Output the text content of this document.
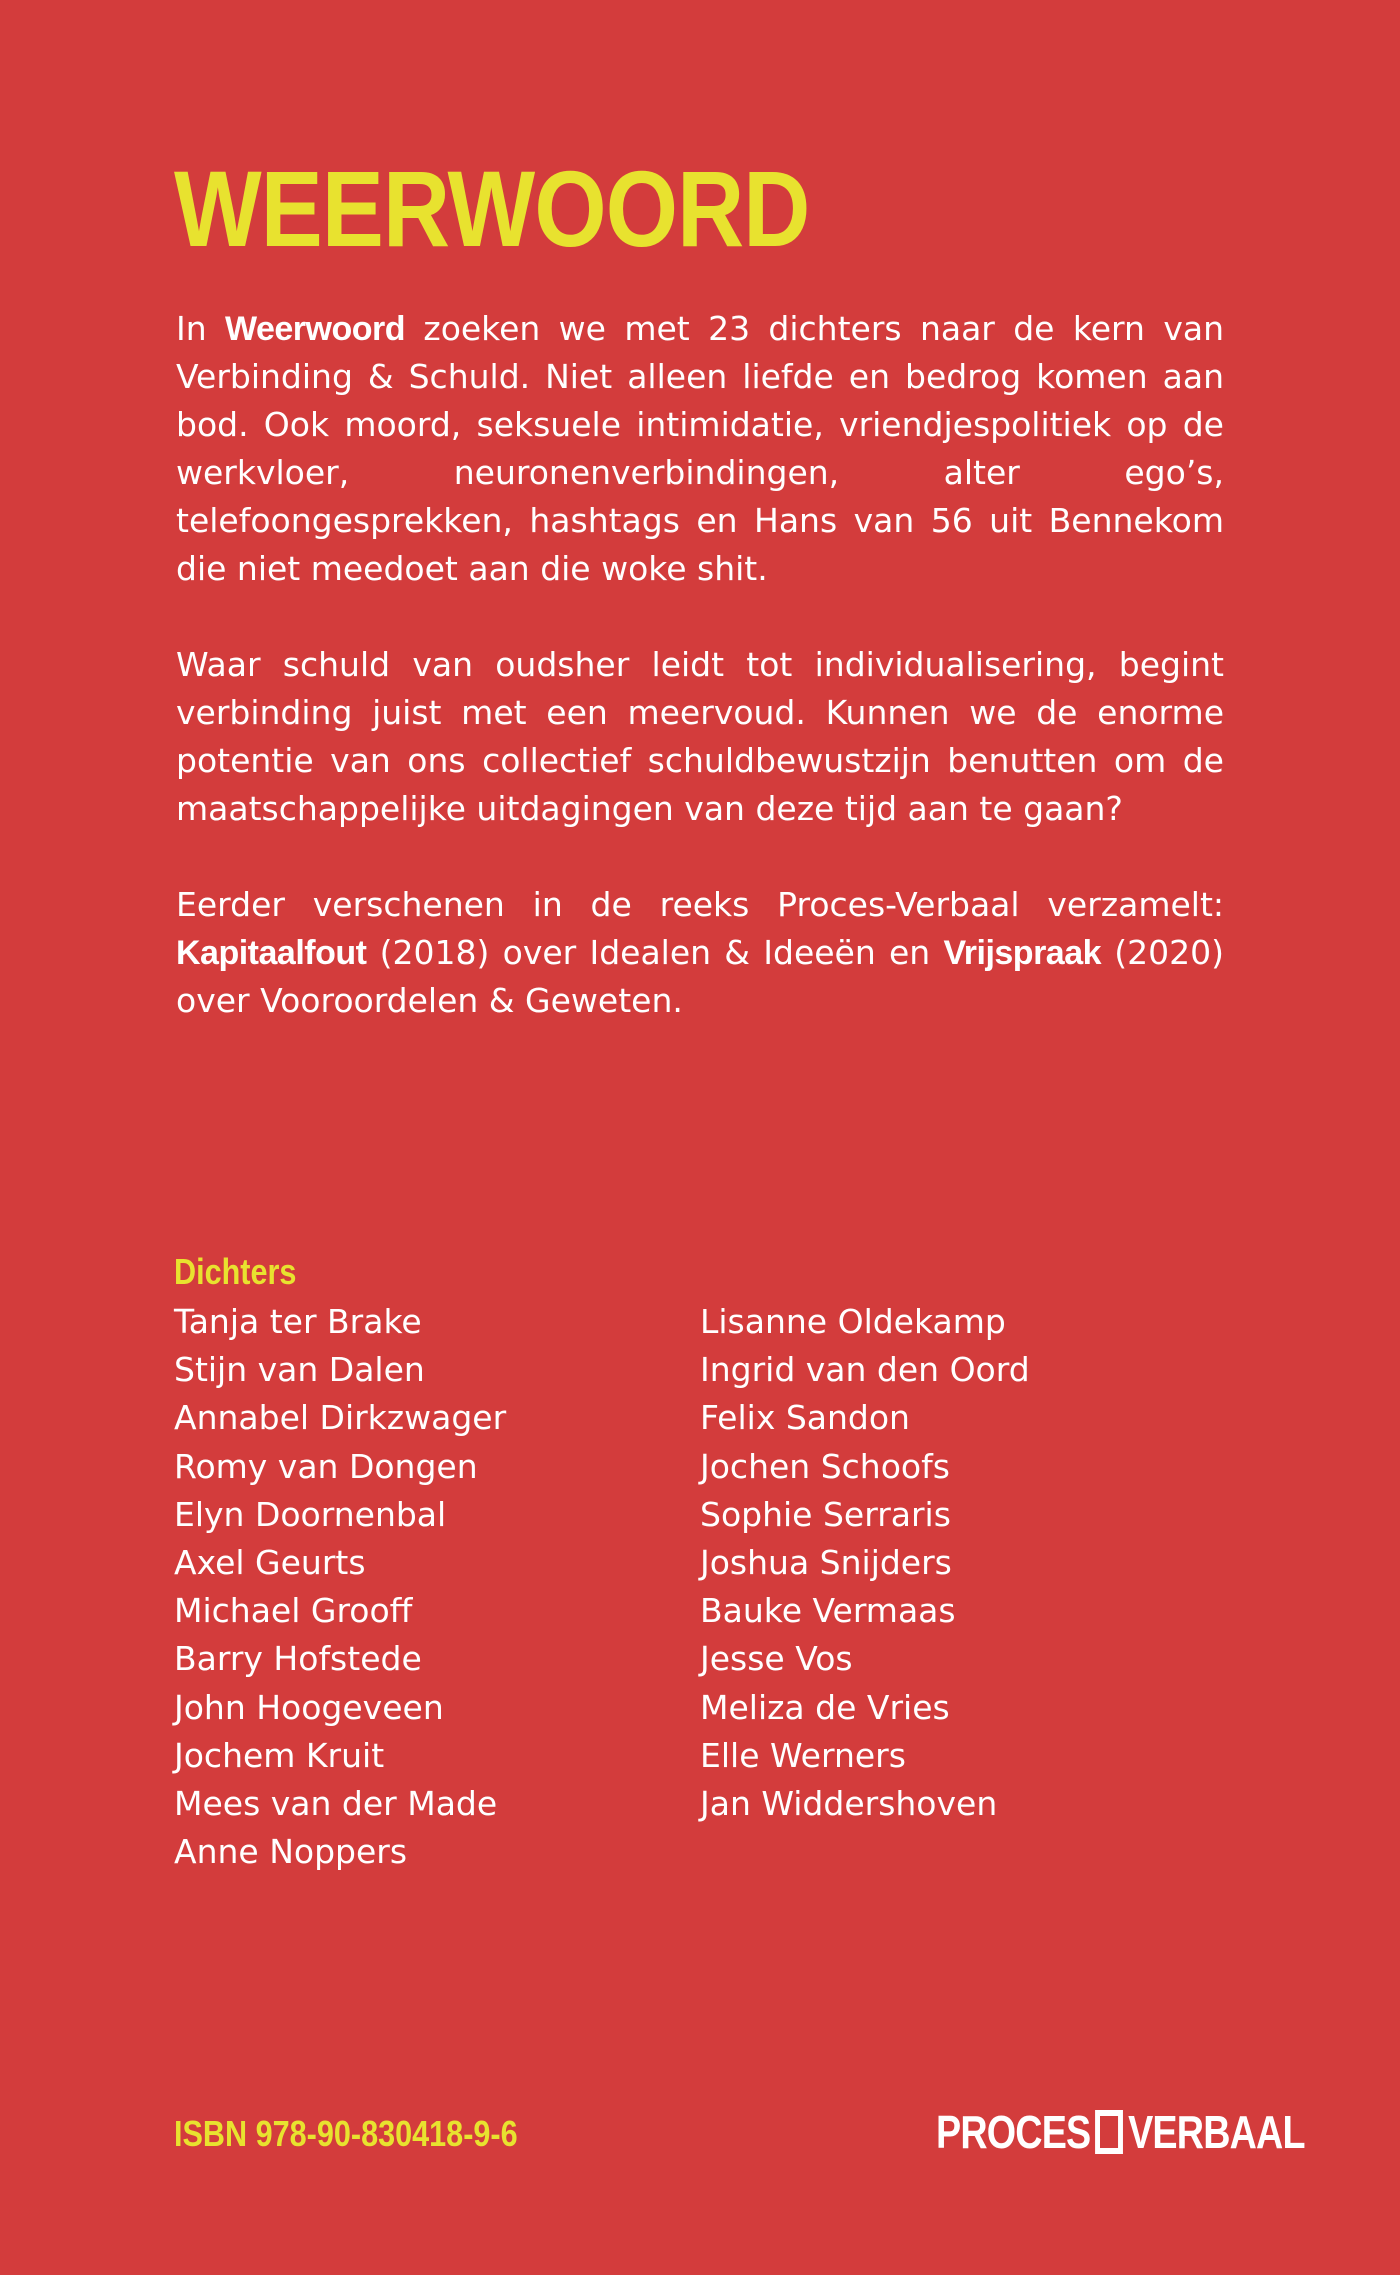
WEERWOORD

In Weerwoord zoeken we met 23 dichters naar de kern van Verbinding & Schuld. Niet alleen liefde en bedrog komen aan bod. Ook moord, seksuele intimidatie, vriendjespolitiek op de werkvloer, neuronenverbindingen, alter ego’s, telefoongesprekken, hashtags en Hans van 56 uit Bennekom die niet meedoet aan die woke shit.

Waar schuld van oudsher leidt tot individualisering, begint verbinding juist met een meervoud. Kunnen we de enorme potentie van ons collectief schuldbewustzijn benutten om de maatschappelijke uitdagingen van deze tijd aan te gaan?

Eerder verschenen in de reeks Proces-Verbaal verzamelt: Kapitaalfout (2018) over Idealen & Ideeën en Vrijspraak (2020) over Vooroordelen & Geweten.

Dichters
Tanja ter Brake
Stijn van Dalen
Annabel Dirkzwager
Romy van Dongen
Elyn Doornenbal
Axel Geurts
Michael Grooff
Barry Hofstede
John Hoogeveen
Jochem Kruit
Mees van der Made
Anne Noppers
Lisanne Oldekamp
Ingrid van den Oord
Felix Sandon
Jochen Schoofs
Sophie Serraris
Joshua Snijders
Bauke Vermaas
Jesse Vos
Meliza de Vries
Elle Werners
Jan Widdershoven
ISBN 978-90-830418-9-6	PROCES VERBAAL
